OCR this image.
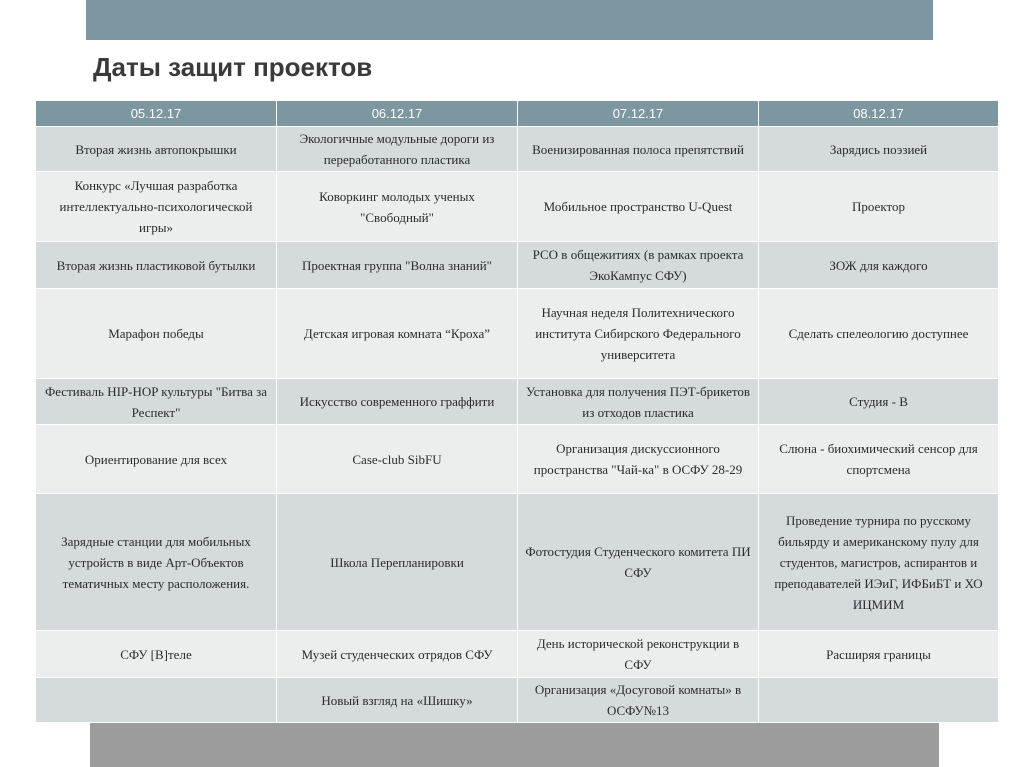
Даты защит проектов
05.12.17	06.12.17	07.12.17	08.12.17
Вторая жизнь автопокрышки	Экологичные модульные дороги из переработанного пластика	Военизированная полоса препятствий	Зарядись поэзией
Конкурс «Лучшая разработка интеллектуально-психологической игры»	Коворкинг молодых ученых "Свободный"	Мобильное пространство U-Quest	Проектор
Вторая жизнь пластиковой бутылки	Проектная группа "Волна знаний"	РСО в общежитиях (в рамках проекта ЭкоКампус СФУ)	ЗОЖ для каждого
Марафон победы	Детская игровая комната “Кроха”	Научная неделя Политехнического института Сибирского Федерального университета	Сделать спелеологию доступнее
Фестиваль HIP-HOP культуры "Битва за Респект"	Искусство современного граффити	Установка для получения ПЭТ-брикетов из отходов пластика	Студия - В
Ориентирование для всех	Case-club SibFU	Организация дискуссионного пространства "Чай-ка" в ОСФУ 28-29	Слюна - биохимический сенсор для спортсмена
Зарядные станции для мобильных устройств в виде Арт-Объектов тематичных месту расположения.	Школа Перепланировки	Фотостудия Студенческого комитета ПИ СФУ	Проведение турнира по русскому бильярду и американскому пулу для студентов, магистров, аспирантов и преподавателей ИЭиГ, ИФБиБТ и ХО ИЦМИМ
СФУ [В]теле	Музей студенческих отрядов СФУ	День исторической реконструкции в СФУ	Расширяя границы
	Новый взгляд на «Шишку»	Организация «Досуговой комнаты» в ОСФУ№13	
